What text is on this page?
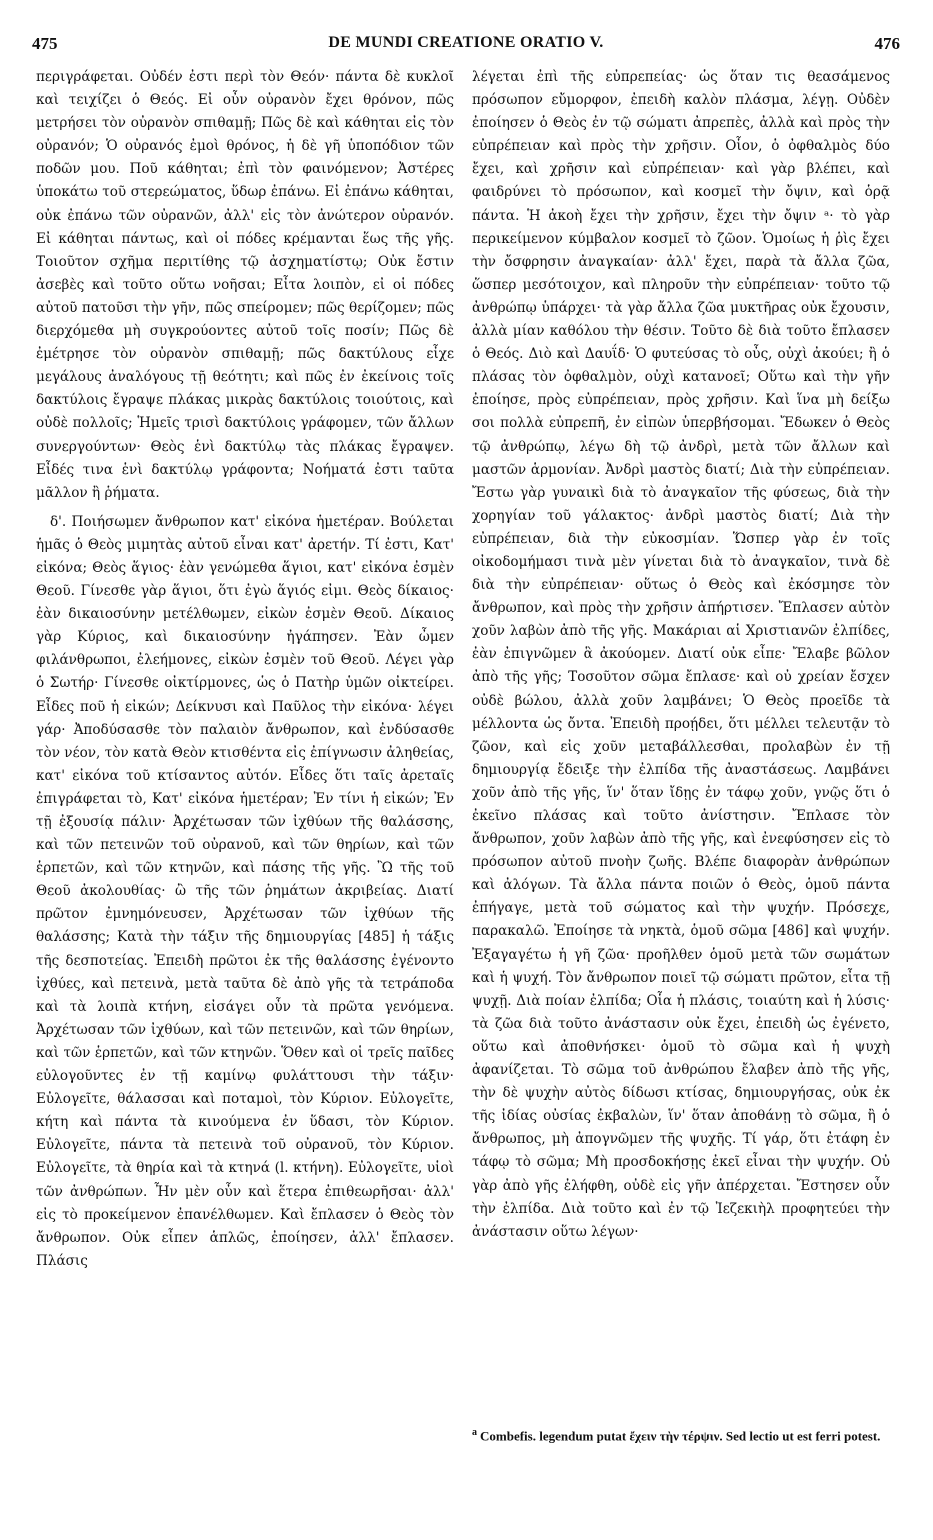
475	DE MUNDI CREATIONE ORATIO V.	476

περιγράφεται. Οὐδέν ἐστι περὶ τὸν Θεόν· πάντα δὲ κυκλοῖ καὶ τειχίζει ὁ Θεός. Εἰ οὖν οὐρανὸν ἔχει θρόνον, πῶς μετρήσει τὸν οὐρανὸν σπιθαμῇ; Πῶς δὲ καὶ κάθηται εἰς τὸν οὐρανόν; Ὁ οὐρανός ἐμοὶ θρόνος, ἡ δὲ γῆ ὑποπόδιον τῶν ποδῶν μου. Ποῦ κάθηται; ἐπὶ τὸν φαινόμενον; Ἀστέρες ὑποκάτω τοῦ στερεώματος, ὕδωρ ἐπάνω. Εἰ ἐπάνω κάθηται, οὐκ ἐπάνω τῶν οὐρανῶν, ἀλλ' εἰς τὸν ἀνώτερον οὐρανόν. Εἰ κάθηται πάντως, καὶ οἱ πόδες κρέμανται ἕως τῆς γῆς. Τοιοῦτον σχῆμα περιτίθης τῷ ἀσχηματίστῳ; Οὐκ ἔστιν ἀσεβὲς καὶ τοῦτο οὕτω νοῆσαι; Εἶτα λοιπὸν, εἰ οἱ πόδες αὐτοῦ πατοῦσι τὴν γῆν, πῶς σπείρομεν; πῶς θερίζομεν; πῶς διερχόμεθα μὴ συγκρούοντες αὐτοῦ τοῖς ποσίν; Πῶς δὲ ἐμέτρησε τὸν οὐρανὸν σπιθαμῇ; πῶς δακτύλους εἶχε μεγάλους ἀναλόγους τῇ θεότητι; καὶ πῶς ἐν ἐκείνοις τοῖς δακτύλοις ἔγραψε πλάκας μικρὰς δακτύλοις τοιούτοις, καὶ οὐδὲ πολλοῖς; Ἡμεῖς τρισὶ δακτύλοις γράφομεν, τῶν ἄλλων συνεργούντων· Θεὸς ἑνὶ δακτύλῳ τὰς πλάκας ἔγραψεν. Εἶδές τινα ἑνὶ δακτύλῳ γράφοντα; Νοήματά ἐστι ταῦτα μᾶλλον ἢ ῥήματα.

δ'. Ποιήσωμεν ἄνθρωπον κατ' εἰκόνα ἡμετέραν. Βούλεται ἡμᾶς ὁ Θεὸς μιμητὰς αὐτοῦ εἶναι κατ' ἀρετήν. Τί ἐστι, Κατ' εἰκόνα; Θεὸς ἅγιος· ἐὰν γενώμεθα ἅγιοι, κατ' εἰκόνα ἐσμὲν Θεοῦ. Γίνεσθε γὰρ ἅγιοι, ὅτι ἐγὼ ἅγιός εἰμι. Θεὸς δίκαιος· ἐὰν δικαιοσύνην μετέλθωμεν, εἰκὼν ἐσμὲν Θεοῦ. Δίκαιος γὰρ Κύριος, καὶ δικαιοσύνην ἠγάπησεν. Ἐὰν ὦμεν φιλάνθρωποι, ἐλεήμονες, εἰκὼν ἐσμὲν τοῦ Θεοῦ. Λέγει γὰρ ὁ Σωτήρ· Γίνεσθε οἰκτίρμονες, ὡς ὁ Πατὴρ ὑμῶν οἰκτείρει. Εἶδες ποῦ ἡ εἰκών; Δείκνυσι καὶ Παῦλος τὴν εἰκόνα· λέγει γάρ· Ἀποδύσασθε τὸν παλαιὸν ἄνθρωπον, καὶ ἐνδύσασθε τὸν νέον, τὸν κατὰ Θεὸν κτισθέντα εἰς ἐπίγνωσιν ἀληθείας, κατ' εἰκόνα τοῦ κτίσαντος αὐτόν. Εἶδες ὅτι ταῖς ἀρεταῖς ἐπιγράφεται τὸ, Κατ' εἰκόνα ἡμετέραν; Ἐν τίνι ἡ εἰκών; Ἐν τῇ ἐξουσίᾳ πάλιν· Ἀρχέτωσαν τῶν ἰχθύων τῆς θαλάσσης, καὶ τῶν πετεινῶν τοῦ οὐρανοῦ, καὶ τῶν θηρίων, καὶ τῶν ἑρπετῶν, καὶ τῶν κτηνῶν, καὶ πάσης τῆς γῆς. Ὢ τῆς τοῦ Θεοῦ ἀκολουθίας· ὢ τῆς τῶν ῥημάτων ἀκριβείας. Διατί πρῶτον ἐμνημόνευσεν, Ἀρχέτωσαν τῶν ἰχθύων τῆς θαλάσσης; Κατὰ τὴν τάξιν τῆς δημιουργίας [485] ἡ τάξις τῆς δεσποτείας. Ἐπειδὴ πρῶτοι ἐκ τῆς θαλάσσης ἐγένοντο ἰχθύες, καὶ πετεινὰ, μετὰ ταῦτα δὲ ἀπὸ γῆς τὰ τετράποδα καὶ τὰ λοιπὰ κτήνη, εἰσάγει οὖν τὰ πρῶτα γενόμενα. Ἀρχέτωσαν τῶν ἰχθύων, καὶ τῶν πετεινῶν, καὶ τῶν θηρίων, καὶ τῶν ἑρπετῶν, καὶ τῶν κτηνῶν. Ὅθεν καὶ οἱ τρεῖς παῖδες εὐλογοῦντες ἐν τῇ καμίνῳ φυλάττουσι τὴν τάξιν· Εὐλογεῖτε, θάλασσαι καὶ ποταμοὶ, τὸν Κύριον. Εὐλογεῖτε, κήτη καὶ πάντα τὰ κινούμενα ἐν ὕδασι, τὸν Κύριον. Εὐλογεῖτε, πάντα τὰ πετεινὰ τοῦ οὐρανοῦ, τὸν Κύριον. Εὐλογεῖτε, τὰ θηρία καὶ τὰ κτηνά (l. κτήνη). Εὐλογεῖτε, υἱοὶ τῶν ἀνθρώπων. Ἦν μὲν οὖν καὶ ἕτερα ἐπιθεωρῆσαι· ἀλλ' εἰς τὸ προκείμενον ἐπανέλθωμεν. Καὶ ἔπλασεν ὁ Θεὸς τὸν ἄνθρωπον. Οὐκ εἶπεν ἁπλῶς, ἐποίησεν, ἀλλ' ἔπλασεν. Πλάσις

λέγεται ἐπὶ τῆς εὐπρεπείας· ὡς ὅταν τις θεασάμενος πρόσωπον εὔμορφον, ἐπειδὴ καλὸν πλάσμα, λέγῃ. Οὐδὲν ἐποίησεν ὁ Θεὸς ἐν τῷ σώματι ἀπρεπὲς, ἀλλὰ καὶ πρὸς τὴν εὐπρέπειαν καὶ πρὸς τὴν χρῆσιν. Οἷον, ὁ ὀφθαλμὸς δύο ἔχει, καὶ χρῆσιν καὶ εὐπρέπειαν· καὶ γὰρ βλέπει, καὶ φαιδρύνει τὸ πρόσωπον, καὶ κοσμεῖ τὴν ὄψιν, καὶ ὁρᾷ πάντα. Ἡ ἀκοὴ ἔχει τὴν χρῆσιν, ἔχει τὴν ὄψιν ᵃ· τὸ γὰρ περικείμενον κύμβαλον κοσμεῖ τὸ ζῶον. Ὁμοίως ἡ ῥὶς ἔχει τὴν ὄσφρησιν ἀναγκαίαν· ἀλλ' ἔχει, παρὰ τὰ ἄλλα ζῶα, ὥσπερ μεσότοιχον, καὶ πληροῦν τὴν εὐπρέπειαν· τοῦτο τῷ ἀνθρώπῳ ὑπάρχει· τὰ γὰρ ἄλλα ζῶα μυκτῆρας οὐκ ἔχουσιν, ἀλλὰ μίαν καθόλου τὴν θέσιν. Τοῦτο δὲ διὰ τοῦτο ἔπλασεν ὁ Θεός. Διὸ καὶ Δαυΐδ· Ὁ φυτεύσας τὸ οὖς, οὐχὶ ἀκούει; ἢ ὁ πλάσας τὸν ὀφθαλμὸν, οὐχὶ κατανοεῖ; Οὕτω καὶ τὴν γῆν ἐποίησε, πρὸς εὐπρέπειαν, πρὸς χρῆσιν. Καὶ ἵνα μὴ δείξω σοι πολλὰ εὐπρεπῆ, ἐν εἰπὼν ὑπερβήσομαι. Ἔδωκεν ὁ Θεὸς τῷ ἀνθρώπῳ, λέγω δὴ τῷ ἀνδρὶ, μετὰ τῶν ἄλλων καὶ μαστῶν ἁρμονίαν. Ἀνδρὶ μαστὸς διατί; Διὰ τὴν εὐπρέπειαν. Ἔστω γὰρ γυναικὶ διὰ τὸ ἀναγκαῖον τῆς φύσεως, διὰ τὴν χορηγίαν τοῦ γάλακτος· ἀνδρὶ μαστὸς διατί; Διὰ τὴν εὐπρέπειαν, διὰ τὴν εὐκοσμίαν. Ὥσπερ γὰρ ἐν τοῖς οἰκοδομήμασι τινὰ μὲν γίνεται διὰ τὸ ἀναγκαῖον, τινὰ δὲ διὰ τὴν εὐπρέπειαν· οὕτως ὁ Θεὸς καὶ ἐκόσμησε τὸν ἄνθρωπον, καὶ πρὸς τὴν χρῆσιν ἀπήρτισεν. Ἔπλασεν αὐτὸν χοῦν λαβὼν ἀπὸ τῆς γῆς. Μακάριαι αἱ Χριστιανῶν ἐλπίδες, ἐὰν ἐπιγνῶμεν ἃ ἀκούομεν. Διατί οὐκ εἶπε· Ἔλαβε βῶλον ἀπὸ τῆς γῆς; Τοσοῦτον σῶμα ἔπλασε· καὶ οὐ χρείαν ἔσχεν οὐδὲ βώλου, ἀλλὰ χοῦν λαμβάνει; Ὁ Θεὸς προεῖδε τὰ μέλλοντα ὡς ὄντα. Ἐπειδὴ προῄδει, ὅτι μέλλει τελευτᾷν τὸ ζῶον, καὶ εἰς χοῦν μεταβάλλεσθαι, προλαβὼν ἐν τῇ δημιουργίᾳ ἔδειξε τὴν ἐλπίδα τῆς ἀναστάσεως. Λαμβάνει χοῦν ἀπὸ τῆς γῆς, ἵν' ὅταν ἴδῃς ἐν τάφῳ χοῦν, γνῷς ὅτι ὁ ἐκεῖνο πλάσας καὶ τοῦτο ἀνίστησιν. Ἔπλασε τὸν ἄνθρωπον, χοῦν λαβὼν ἀπὸ τῆς γῆς, καὶ ἐνεφύσησεν εἰς τὸ πρόσωπον αὐτοῦ πνοὴν ζωῆς. Βλέπε διαφορὰν ἀνθρώπων καὶ ἀλόγων. Τὰ ἄλλα πάντα ποιῶν ὁ Θεὸς, ὁμοῦ πάντα ἐπήγαγε, μετὰ τοῦ σώματος καὶ τὴν ψυχήν. Πρόσεχε, παρακαλῶ. Ἐποίησε τὰ νηκτὰ, ὁμοῦ σῶμα [486] καὶ ψυχήν. Ἐξαγαγέτω ἡ γῆ ζῶα· προῆλθεν ὁμοῦ μετὰ τῶν σωμάτων καὶ ἡ ψυχή. Τὸν ἄνθρωπον ποιεῖ τῷ σώματι πρῶτον, εἶτα τῇ ψυχῇ. Διὰ ποίαν ἐλπίδα; Οἷα ἡ πλάσις, τοιαύτη καὶ ἡ λύσις· τὰ ζῶα διὰ τοῦτο ἀνάστασιν οὐκ ἔχει, ἐπειδὴ ὡς ἐγένετο, οὕτω καὶ ἀποθνήσκει· ὁμοῦ τὸ σῶμα καὶ ἡ ψυχὴ ἀφανίζεται. Τὸ σῶμα τοῦ ἀνθρώπου ἔλαβεν ἀπὸ τῆς γῆς, τὴν δὲ ψυχὴν αὐτὸς δίδωσι κτίσας, δημιουργήσας, οὐκ ἐκ τῆς ἰδίας οὐσίας ἐκβαλὼν, ἵν' ὅταν ἀποθάνῃ τὸ σῶμα, ἢ ὁ ἄνθρωπος, μὴ ἀπογνῶμεν τῆς ψυχῆς. Τί γάρ, ὅτι ἐτάφη ἐν τάφῳ τὸ σῶμα; Μὴ προσδοκήσῃς ἐκεῖ εἶναι τὴν ψυχήν. Οὐ γὰρ ἀπὸ γῆς ἐλήφθη, οὐδὲ εἰς γῆν ἀπέρχεται. Ἔστησεν οὖν τὴν ἐλπίδα. Διὰ τοῦτο καὶ ἐν τῷ Ἰεζεκιὴλ προφητεύει τὴν ἀνάστασιν οὕτω λέγων·

$^a$ Combefis. legendum putat ἔχειν τὴν τέρψιν. Sed lectio ut est ferri potest.
